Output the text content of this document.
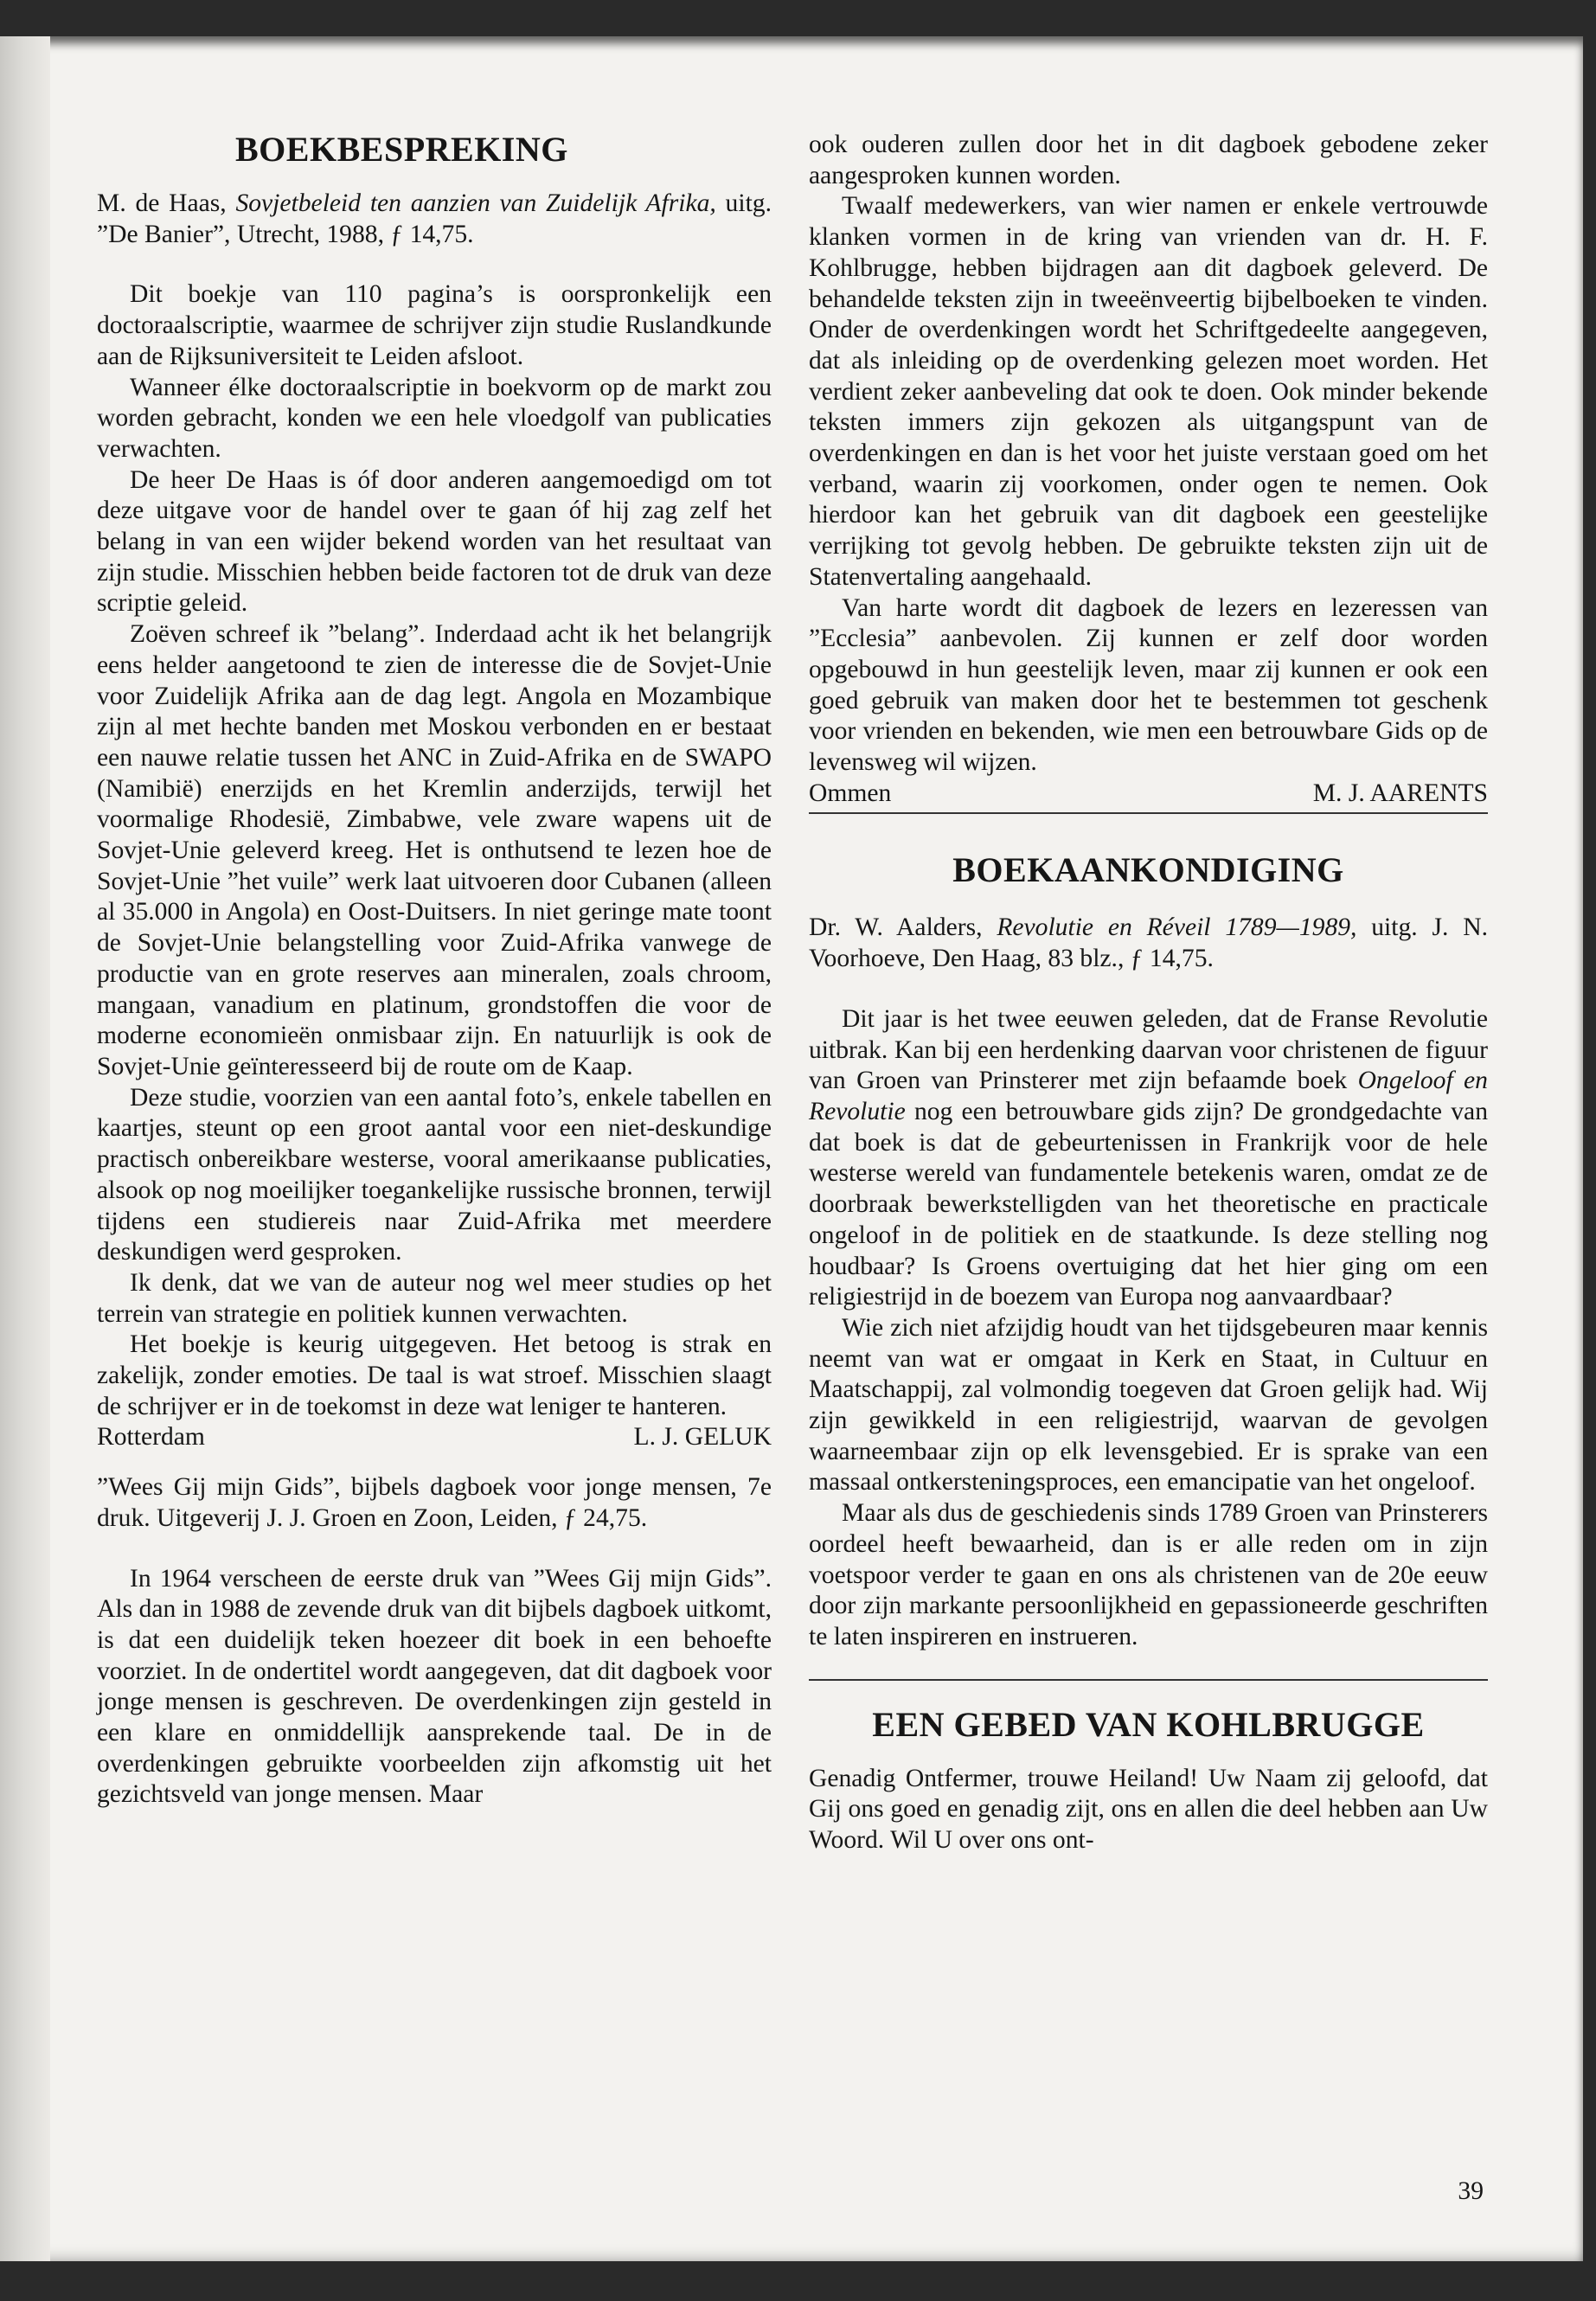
BOEKBESPREKING

M. de Haas, Sovjetbeleid ten aanzien van Zuidelijk Afrika, uitg. ”De Banier”, Utrecht, 1988, ƒ 14,75.

Dit boekje van 110 pagina’s is oorspronkelijk een doctoraalscriptie, waarmee de schrijver zijn studie Ruslandkunde aan de Rijksuniversiteit te Leiden afsloot.

Wanneer élke doctoraalscriptie in boekvorm op de markt zou worden gebracht, konden we een hele vloedgolf van publicaties verwachten.

De heer De Haas is óf door anderen aangemoedigd om tot deze uitgave voor de handel over te gaan óf hij zag zelf het belang in van een wijder bekend worden van het resultaat van zijn studie. Misschien hebben beide factoren tot de druk van deze scriptie geleid.

Zoëven schreef ik ”belang”. Inderdaad acht ik het belangrijk eens helder aangetoond te zien de interesse die de Sovjet-Unie voor Zuidelijk Afrika aan de dag legt. Angola en Mozambique zijn al met hechte banden met Moskou verbonden en er bestaat een nauwe relatie tussen het ANC in Zuid-Afrika en de SWAPO (Namibië) enerzijds en het Kremlin anderzijds, terwijl het voormalige Rhodesië, Zimbabwe, vele zware wapens uit de Sovjet-Unie geleverd kreeg. Het is onthutsend te lezen hoe de Sovjet-Unie ”het vuile” werk laat uitvoeren door Cubanen (alleen al 35.000 in Angola) en Oost-Duitsers. In niet geringe mate toont de Sovjet-Unie belangstelling voor Zuid-Afrika vanwege de productie van en grote reserves aan mineralen, zoals chroom, mangaan, vanadium en platinum, grondstoffen die voor de moderne economieën onmisbaar zijn. En natuurlijk is ook de Sovjet-Unie geïnteresseerd bij de route om de Kaap.

Deze studie, voorzien van een aantal foto’s, enkele tabellen en kaartjes, steunt op een groot aantal voor een niet-deskundige practisch onbereikbare westerse, vooral amerikaanse publicaties, alsook op nog moeilijker toegankelijke russische bronnen, terwijl tijdens een studiereis naar Zuid-Afrika met meerdere deskundigen werd gesproken.

Ik denk, dat we van de auteur nog wel meer studies op het terrein van strategie en politiek kunnen verwachten.

Het boekje is keurig uitgegeven. Het betoog is strak en zakelijk, zonder emoties. De taal is wat stroef. Misschien slaagt de schrijver er in de toekomst in deze wat leniger te hanteren.

Rotterdam	L. J. GELUK

”Wees Gij mijn Gids”, bijbels dagboek voor jonge mensen, 7e druk. Uitgeverij J. J. Groen en Zoon, Leiden, ƒ 24,75.

In 1964 verscheen de eerste druk van ”Wees Gij mijn Gids”. Als dan in 1988 de zevende druk van dit bijbels dagboek uitkomt, is dat een duidelijk teken hoezeer dit boek in een behoefte voorziet. In de ondertitel wordt aangegeven, dat dit dagboek voor jonge mensen is geschreven. De overdenkingen zijn gesteld in een klare en onmiddellijk aansprekende taal. De in de overdenkingen gebruikte voorbeelden zijn afkomstig uit het gezichtsveld van jonge mensen. Maar

ook ouderen zullen door het in dit dagboek gebodene zeker aangesproken kunnen worden.

Twaalf medewerkers, van wier namen er enkele vertrouwde klanken vormen in de kring van vrienden van dr. H. F. Kohlbrugge, hebben bijdragen aan dit dagboek geleverd. De behandelde teksten zijn in tweeënveertig bijbelboeken te vinden. Onder de overdenkingen wordt het Schriftgedeelte aangegeven, dat als inleiding op de overdenking gelezen moet worden. Het verdient zeker aanbeveling dat ook te doen. Ook minder bekende teksten immers zijn gekozen als uitgangspunt van de overdenkingen en dan is het voor het juiste verstaan goed om het verband, waarin zij voorkomen, onder ogen te nemen. Ook hierdoor kan het gebruik van dit dagboek een geestelijke verrijking tot gevolg hebben. De gebruikte teksten zijn uit de Statenvertaling aangehaald.

Van harte wordt dit dagboek de lezers en lezeressen van ”Ecclesia” aanbevolen. Zij kunnen er zelf door worden opgebouwd in hun geestelijk leven, maar zij kunnen er ook een goed gebruik van maken door het te bestemmen tot geschenk voor vrienden en bekenden, wie men een betrouwbare Gids op de levensweg wil wijzen.

Ommen	M. J. AARENTS
BOEKAANKONDIGING

Dr. W. Aalders, Revolutie en Réveil 1789—1989, uitg. J. N. Voorhoeve, Den Haag, 83 blz., ƒ 14,75.

Dit jaar is het twee eeuwen geleden, dat de Franse Revolutie uitbrak. Kan bij een herdenking daarvan voor christenen de figuur van Groen van Prinsterer met zijn befaamde boek Ongeloof en Revolutie nog een betrouwbare gids zijn? De grondgedachte van dat boek is dat de gebeurtenissen in Frankrijk voor de hele westerse wereld van fundamentele betekenis waren, omdat ze de doorbraak bewerkstelligden van het theoretische en practicale ongeloof in de politiek en de staatkunde. Is deze stelling nog houdbaar? Is Groens overtuiging dat het hier ging om een religiestrijd in de boezem van Europa nog aanvaardbaar?

Wie zich niet afzijdig houdt van het tijdsgebeuren maar kennis neemt van wat er omgaat in Kerk en Staat, in Cultuur en Maatschappij, zal volmondig toegeven dat Groen gelijk had. Wij zijn gewikkeld in een religiestrijd, waarvan de gevolgen waarneembaar zijn op elk levensgebied. Er is sprake van een massaal ontkersteningsproces, een emancipatie van het ongeloof.

Maar als dus de geschiedenis sinds 1789 Groen van Prinsterers oordeel heeft bewaarheid, dan is er alle reden om in zijn voetspoor verder te gaan en ons als christenen van de 20e eeuw door zijn markante persoonlijkheid en gepassioneerde geschriften te laten inspireren en instrueren.

EEN GEBED VAN KOHLBRUGGE

Genadig Ontfermer, trouwe Heiland! Uw Naam zij geloofd, dat Gij ons goed en genadig zijt, ons en allen die deel hebben aan Uw Woord. Wil U over ons ont-

39
